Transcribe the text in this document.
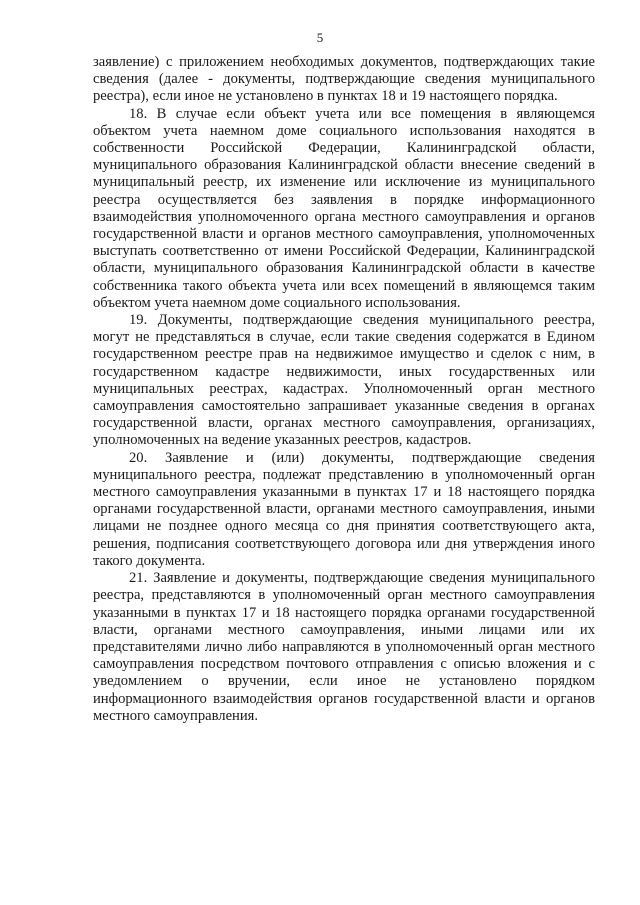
5

заявление) с приложением необходимых документов, подтверждающих такие сведения (далее - документы, подтверждающие сведения муниципального реестра), если иное не установлено в пунктах 18 и 19 настоящего порядка.

18. В случае если объект учета или все помещения в являющемся объектом учета наемном доме социального использования находятся в собственности Российской Федерации, Калининградской области, муниципального образования Калининградской области внесение сведений в муниципальный реестр, их изменение или исключение из муниципального реестра осуществляется без заявления в порядке информационного взаимодействия уполномоченного органа местного самоуправления и органов государственной власти и органов местного самоуправления, уполномоченных выступать соответственно от имени Российской Федерации, Калининградской области, муниципального образования Калининградской области в качестве собственника такого объекта учета или всех помещений в являющемся таким объектом учета наемном доме социального использования.

19. Документы, подтверждающие сведения муниципального реестра, могут не представляться в случае, если такие сведения содержатся в Едином государственном реестре прав на недвижимое имущество и сделок с ним, в государственном кадастре недвижимости, иных государственных или муниципальных реестрах, кадастрах. Уполномоченный орган местного самоуправления самостоятельно запрашивает указанные сведения в органах государственной власти, органах местного самоуправления, организациях, уполномоченных на ведение указанных реестров, кадастров.

20. Заявление и (или) документы, подтверждающие сведения муниципального реестра, подлежат представлению в уполномоченный орган местного самоуправления указанными в пунктах 17 и 18 настоящего порядка органами государственной власти, органами местного самоуправления, иными лицами не позднее одного месяца со дня принятия соответствующего акта, решения, подписания соответствующего договора или дня утверждения иного такого документа.

21. Заявление и документы, подтверждающие сведения муниципального реестра, представляются в уполномоченный орган местного самоуправления указанными в пунктах 17 и 18 настоящего порядка органами государственной власти, органами местного самоуправления, иными лицами или их представителями лично либо направляются в уполномоченный орган местного самоуправления посредством почтового отправления с описью вложения и с уведомлением о вручении, если иное не установлено порядком информационного взаимодействия органов государственной власти и органов местного самоуправления.
